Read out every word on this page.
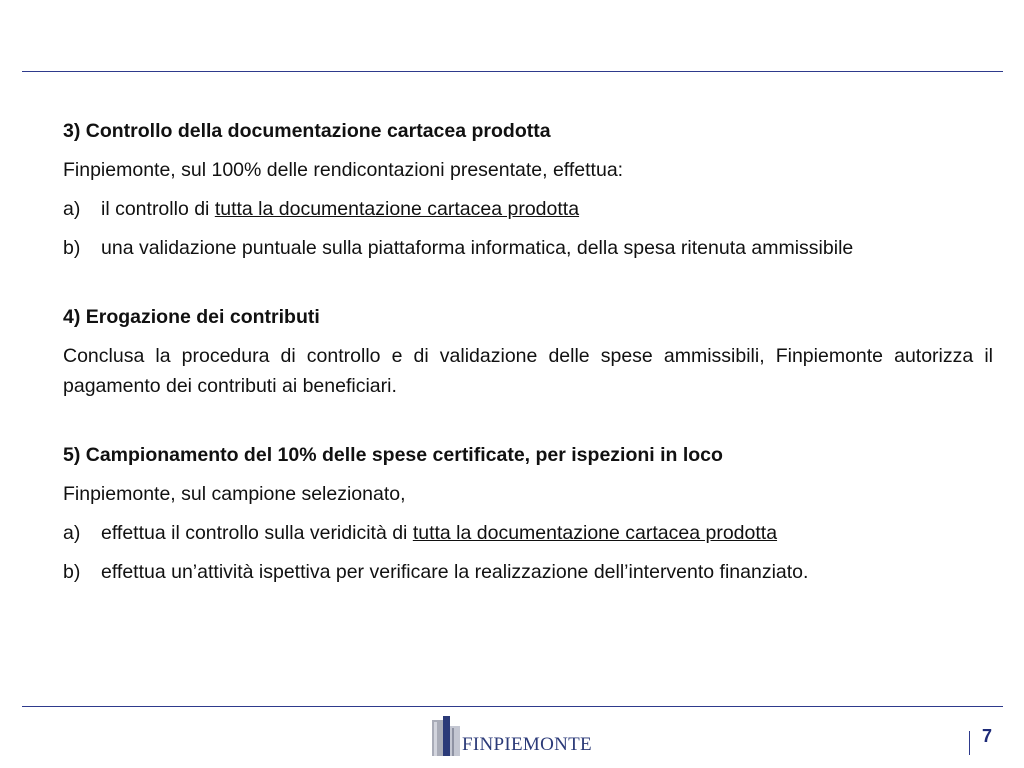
3) Controllo della documentazione cartacea prodotta
Finpiemonte, sul 100% delle rendicontazioni presentate, effettua:
a)	il controllo di tutta la documentazione cartacea prodotta
b)	una validazione puntuale sulla piattaforma informatica, della spesa ritenuta ammissibile
4) Erogazione dei contributi
Conclusa la procedura di controllo e di validazione delle spese ammissibili, Finpiemonte autorizza il pagamento dei contributi ai beneficiari.
5) Campionamento del 10% delle spese certificate, per ispezioni in loco
Finpiemonte, sul campione selezionato,
a)	effettua il controllo sulla veridicità di tutta la documentazione cartacea prodotta
b)	effettua un’attività ispettiva per verificare la realizzazione dell’intervento finanziato.
FINPIEMONTE	7
